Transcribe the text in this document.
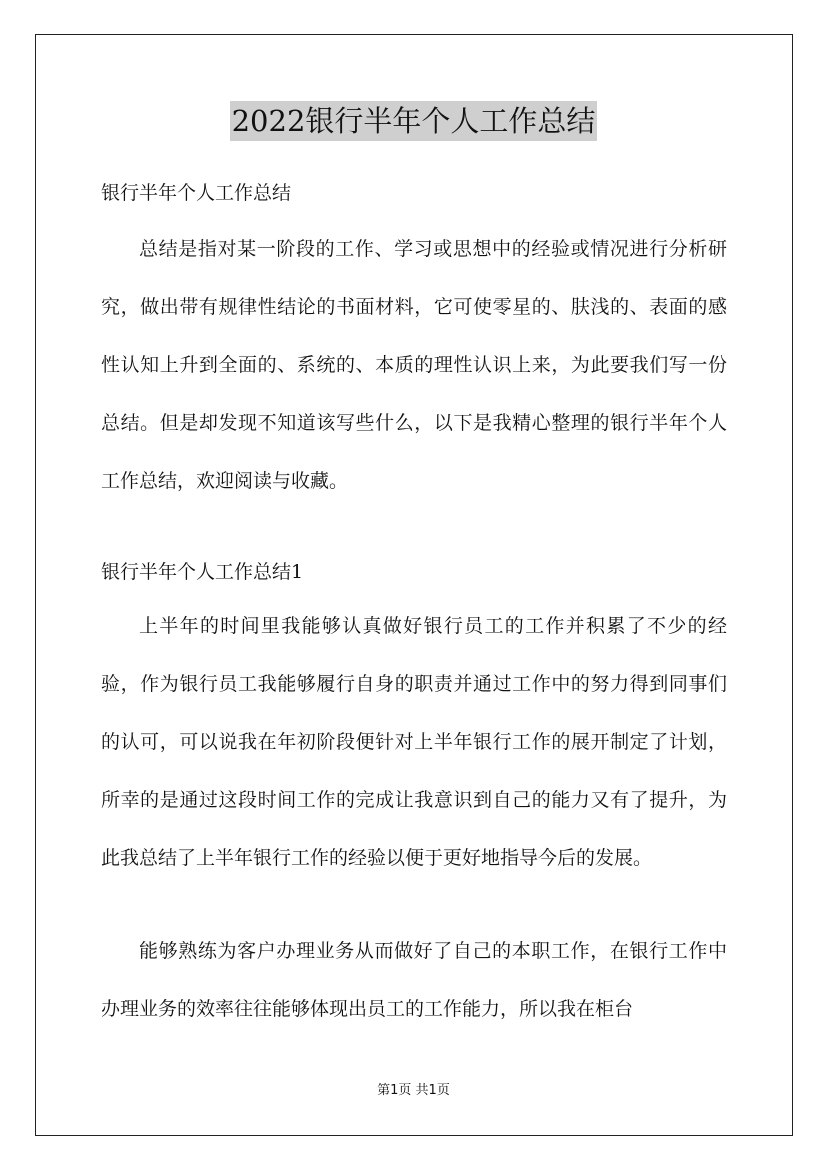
2022银行半年个人工作总结

银行半年个人工作总结

总结是指对某一阶段的工作、学习或思想中的经验或情况进行分析研究，做出带有规律性结论的书面材料，它可使零星的、肤浅的、表面的感性认知上升到全面的、系统的、本质的理性认识上来，为此要我们写一份总结。但是却发现不知道该写些什么，以下是我精心整理的银行半年个人工作总结，欢迎阅读与收藏。

银行半年个人工作总结1

上半年的时间里我能够认真做好银行员工的工作并积累了不少的经验，作为银行员工我能够履行自身的职责并通过工作中的努力得到同事们的认可，可以说我在年初阶段便针对上半年银行工作的展开制定了计划，所幸的是通过这段时间工作的完成让我意识到自己的能力又有了提升，为此我总结了上半年银行工作的经验以便于更好地指导今后的发展。

能够熟练为客户办理业务从而做好了自己的本职工作，在银行工作中办理业务的效率往往能够体现出员工的工作能力，所以我在柜台

第1页 共1页
